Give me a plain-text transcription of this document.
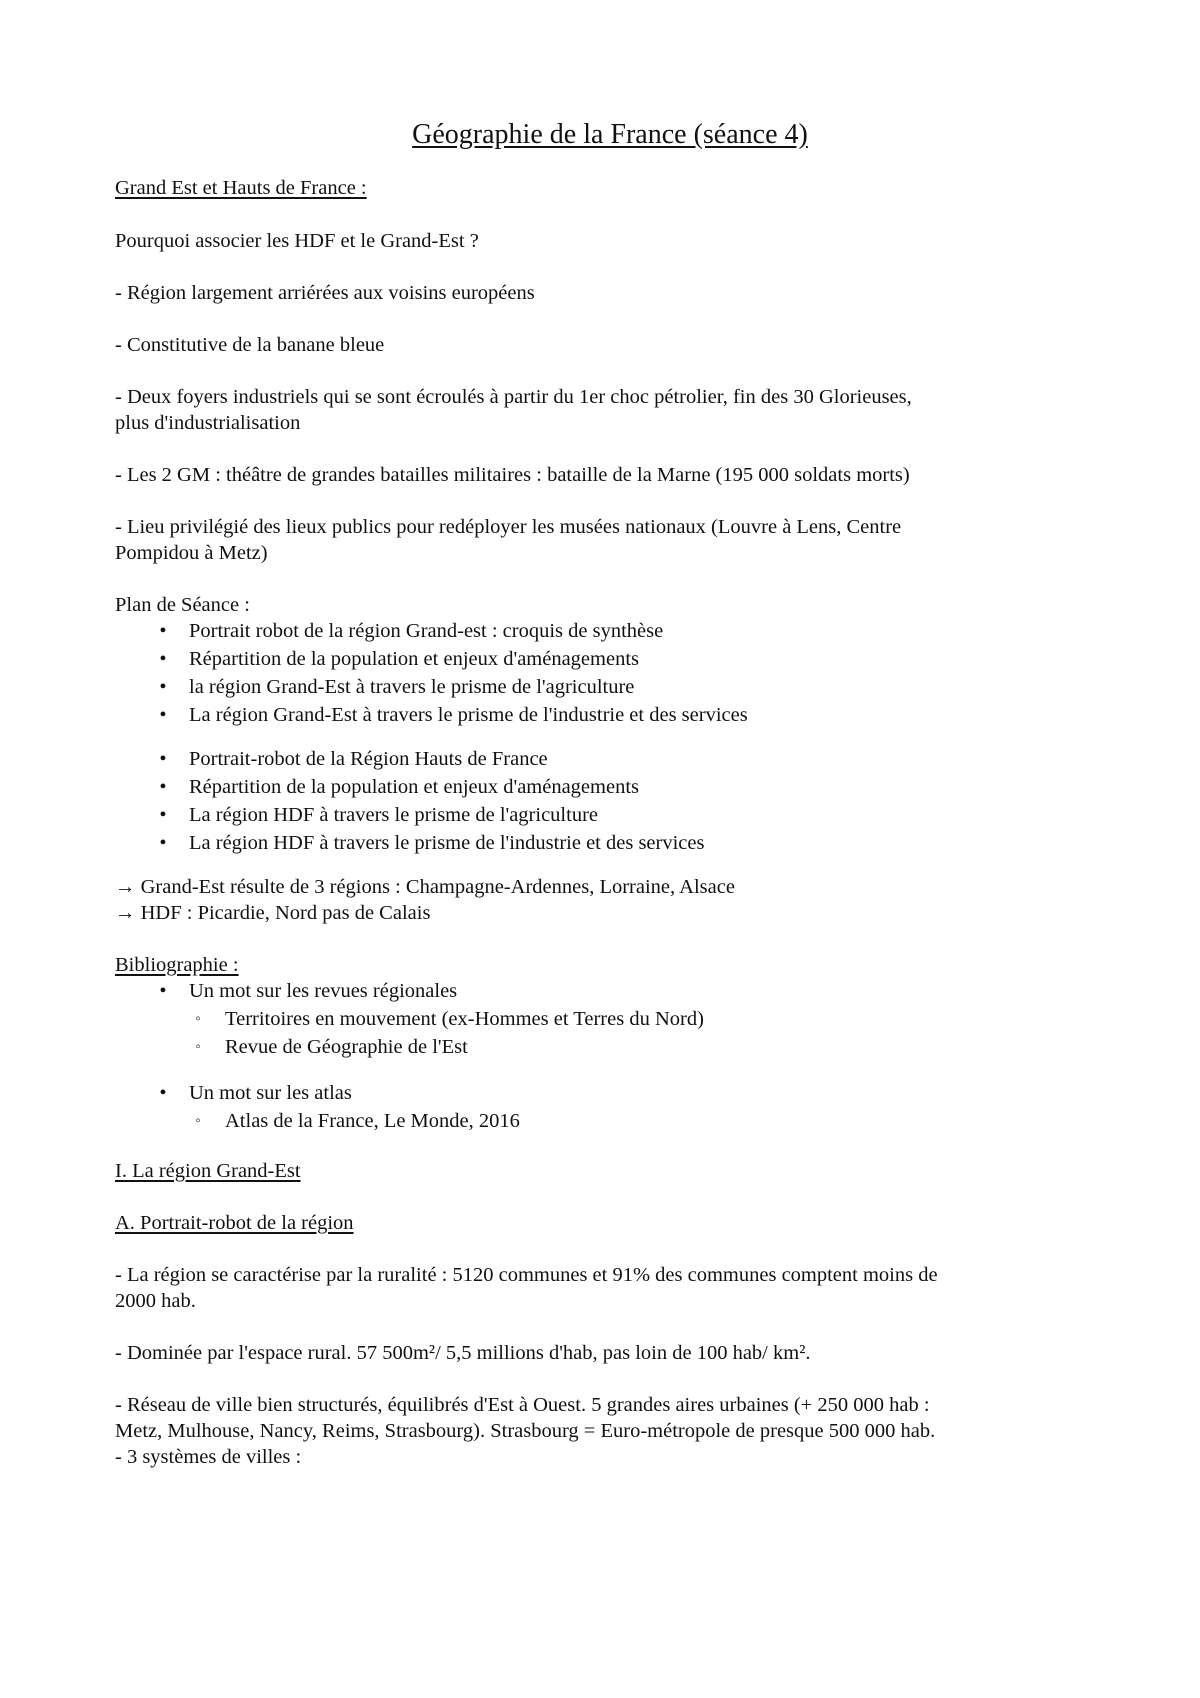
Géographie de la France (séance 4)
Grand Est et Hauts de France :
Pourquoi associer les HDF et le Grand-Est ?
- Région largement arriérées aux voisins européens
- Constitutive de la banane bleue
- Deux foyers industriels qui se sont écroulés à partir du 1er choc pétrolier, fin des 30 Glorieuses,
plus d'industrialisation
- Les 2 GM : théâtre de grandes batailles militaires : bataille de la Marne (195 000 soldats morts)
- Lieu privilégié des lieux publics pour redéployer les musées nationaux (Louvre à Lens, Centre
Pompidou à Metz)
Plan de Séance :
•	Portrait robot de la région Grand-est : croquis de synthèse
•	Répartition de la population et enjeux d'aménagements
•	la région Grand-Est à travers le prisme de l'agriculture
•	La région Grand-Est à travers le prisme de l'industrie et des services
•	Portrait-robot de la Région Hauts de France
•	Répartition de la population et enjeux d'aménagements
•	La région HDF à travers le prisme de l'agriculture
•	La région HDF à travers le prisme de l'industrie et des services
→ Grand-Est résulte de 3 régions : Champagne-Ardennes, Lorraine, Alsace
→ HDF : Picardie, Nord pas de Calais
Bibliographie :
•	Un mot sur les revues régionales
◦	Territoires en mouvement (ex-Hommes et Terres du Nord)
◦	Revue de Géographie de l'Est
•	Un mot sur les atlas
◦	Atlas de la France, Le Monde, 2016
I. La région Grand-Est
A. Portrait-robot de la région
- La région se caractérise par la ruralité : 5120 communes et 91% des communes comptent moins de
2000 hab.
- Dominée par l'espace rural. 57 500m²/ 5,5 millions d'hab, pas loin de 100 hab/ km².
- Réseau de ville bien structurés, équilibrés d'Est à Ouest. 5 grandes aires urbaines (+ 250 000 hab :
Metz, Mulhouse, Nancy, Reims, Strasbourg). Strasbourg = Euro-métropole de presque 500 000 hab.
- 3 systèmes de villes :
